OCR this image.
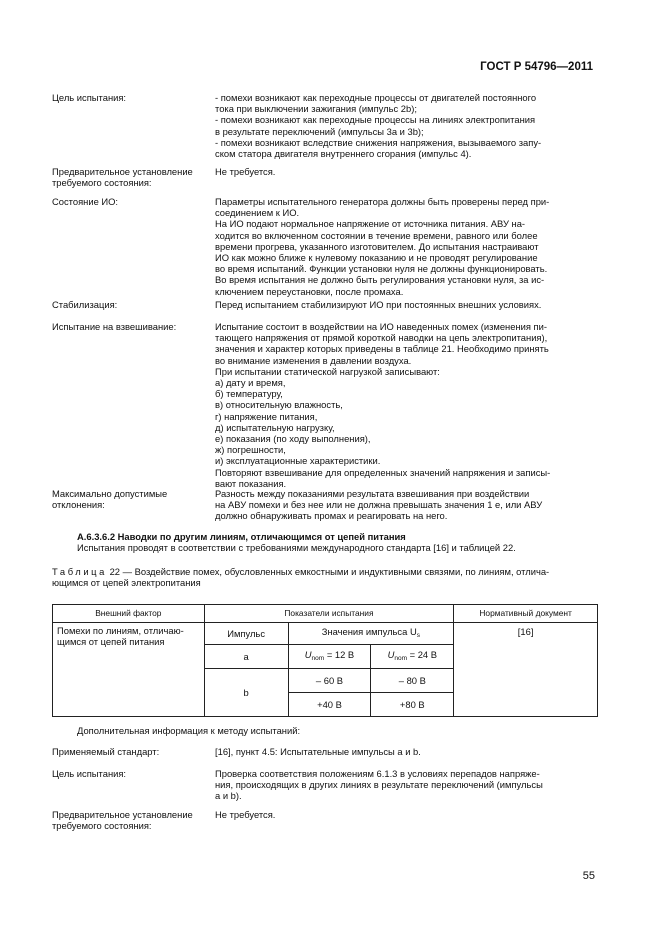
ГОСТ Р 54796—2011
Цель испытания:	- помехи возникают как переходные процессы от двигателей постоянного
тока при выключении зажигания (импульс 2b);
- помехи возникают как переходные процессы на линиях электропитания
в результате переключений (импульсы 3а и 3b);
- помехи возникают вследствие снижения напряжения, вызываемого запу-
ском статора двигателя внутреннего сгорания (импульс 4).
Предварительное установление
требуемого состояния:
Не требуется.
Состояние ИО:	Параметры испытательного генератора должны быть проверены перед при-
соединением к ИО.
На ИО подают нормальное напряжение от источника питания. АВУ на-
ходится во включенном состоянии в течение времени, равного или более
времени прогрева, указанного изготовителем. До испытания настраивают
ИО как можно ближе к нулевому показанию и не проводят регулирование
во время испытаний. Функции установки нуля не должны функционировать.
Во время испытания не должно быть регулирования установки нуля, за ис-
ключением переустановки, после промаха.
Стабилизация:	Перед испытанием стабилизируют ИО при постоянных внешних условиях.
Испытание на взвешивание:	Испытание состоит в воздействии на ИО наведенных помех (изменения пи-
тающего напряжения от прямой короткой наводки на цепь электропитания),
значения и характер которых приведены в таблице 21. Необходимо принять
во внимание изменения в давлении воздуха.
При испытании статической нагрузкой записывают:
а) дату и время,
б) температуру,
в) относительную влажность,
г) напряжение питания,
д) испытательную нагрузку,
е) показания (по ходу выполнения),
ж) погрешности,
и) эксплуатационные характеристики.
Повторяют взвешивание для определенных значений напряжения и записы-
вают показания.
Максимально допустимые
отклонения:
Разность между показаниями результата взвешивания при воздействии
на АВУ помехи и без нее или не должна превышать значения 1 e, или АВУ
должно обнаруживать промах и реагировать на него.
А.6.3.6.2 Наводки по другим линиям, отличающимся от цепей питания
Испытания проводят в соответствии с требованиями международного стандарта [16] и таблицей 22.
Таблица 22 — Воздействие помех, обусловленных емкостными и индуктивными связями, по линиям, отлича-
ющимся от цепей электропитания
Внешний фактор	Показатели испытания			Нормативный документ

Помехи по линиям, отличаю-
щимся от цепей питания	Импульс	Значения импульса $U_s$		[16]
	a	$U_{nom} = 12$ В	$U_{nom} = 24$ В	
	b	– 60 В	– 80 В	
		+40 В	+80 В	
Дополнительная информация к методу испытаний:
Применяемый стандарт:	[16], пункт 4.5: Испытательные импульсы a и b.
Цель испытания:	Проверка соответствия положениям 6.1.3 в условиях перепадов напряже-
ния, происходящих в других линиях в результате переключений (импульсы
a и b).
Предварительное установление
требуемого состояния:
Не требуется.
55
